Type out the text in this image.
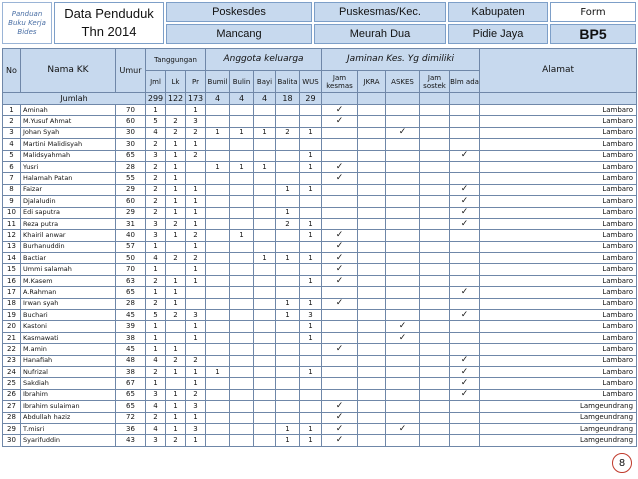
Panduan
Buku Kerja
Bides
Data Penduduk
Thn 2014
Poskesdes
Mancang
Puskesmas/Kec.
Meurah Dua
Kabupaten
Pidie Jaya
Form
BP5
No	Nama KK	Umur	Tanggungan			Anggota keluarga					Jaminan Kes. Yg dimiliki					Alamat
			Jml	Lk	Pr	Bumil	Bulin	Bayi	Balita	WUS	Jam kesmas	JKRA	ASKES	Jam sostek	Blm ada	
Jumlah			299	122	173	4	4	4	18	29						
1	Aminah	70	1		1						✓					Lambaro
2	M.Yusuf Ahmat	60	5	2	3						✓					Lambaro
3	Johan Syah	30	4	2	2	1	1	1	2	1			✓			Lambaro
4	Martini Malidisyah	30	2	1	1											Lambaro
5	Malidsyahmah	65	3	1	2					1					✓	Lambaro
6	Yusri	28	2	1		1	1	1		1	✓					Lambaro
7	Halamah Patan	55	2	1							✓					Lambaro
8	Faizar	29	2	1	1				1	1					✓	Lambaro
9	Djalaludin	60	2	1	1										✓	Lambaro
10	Edi saputra	29	2	1	1				1						✓	Lambaro
11	Reza putra	31	3	2	1				2	1					✓	Lambaro
12	Khairil anwar	40	3	1	2		1			1	✓					Lambaro
13	Burhanuddin	57	1		1						✓					Lambaro
14	Bactiar	50	4	2	2			1	1	1	✓					Lambaro
15	Ummi salamah	70	1		1						✓					Lambaro
16	M.Kasem	63	2	1	1					1	✓					Lambaro
17	A.Rahman	65	1	1											✓	Lambaro
18	Irwan syah	28	2	1					1	1	✓					Lambaro
19	Buchari	45	5	2	3				1	3					✓	Lambaro
20	Kastoni	39	1		1					1			✓			Lambaro
21	Kasmawati	38	1		1					1			✓			Lambaro
22	M.amin	45	1	1							✓					Lambaro
23	Hanafiah	48	4	2	2										✓	Lambaro
24	Nufrizal	38	2	1	1	1				1					✓	Lambaro
25	Sakdiah	67	1		1										✓	Lambaro
26	Ibrahim	65	3	1	2										✓	Lambaro
27	Ibrahim sulaiman	65	4	1	3						✓					Lamgeundrang
28	Abdullah haziz	72	2	1	1						✓					Lamgeundrang
29	T.misri	36	4	1	3				1	1	✓		✓			Lamgeundrang
30	Syarifuddin	43	3	2	1				1	1	✓					Lamgeundrang
8
